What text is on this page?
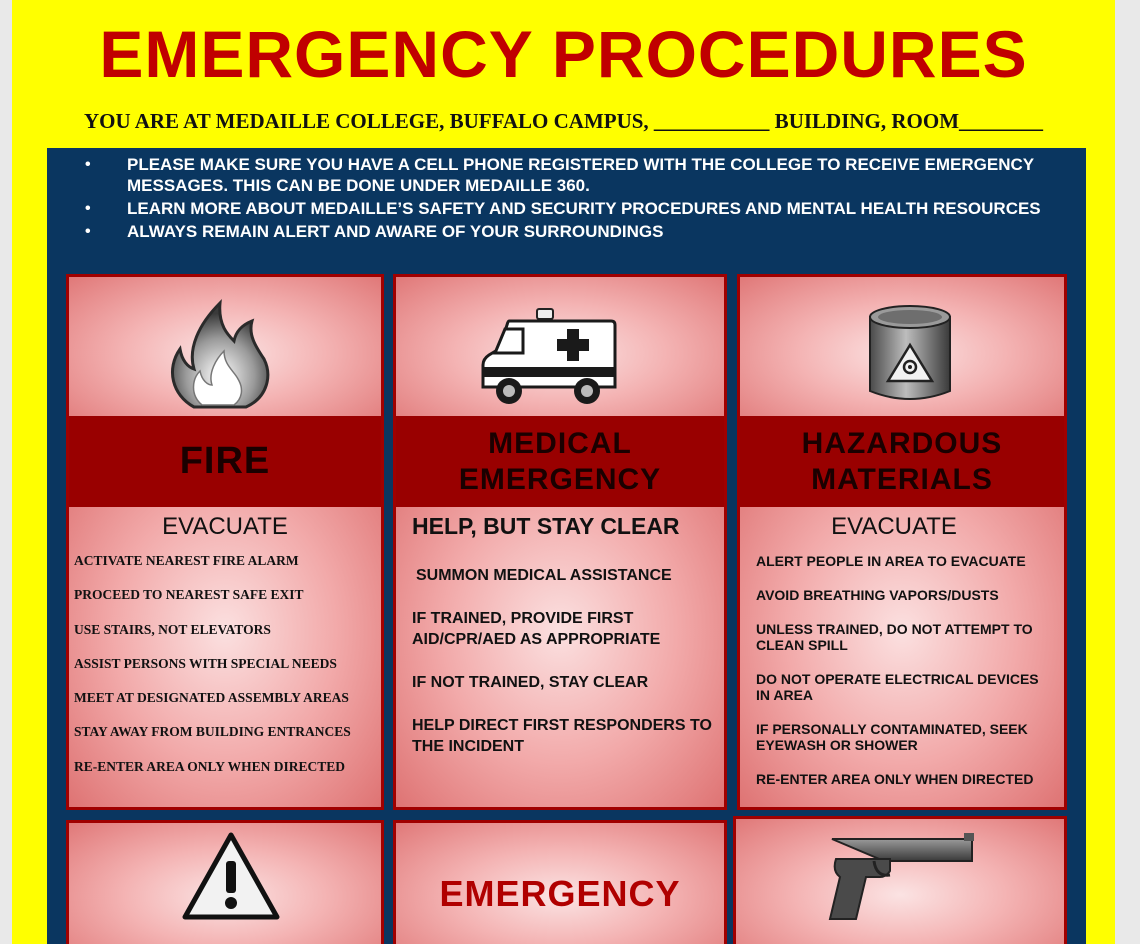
EMERGENCY PROCEDURES
YOU ARE AT MEDAILLE COLLEGE, BUFFALO CAMPUS, ___________ BUILDING, ROOM________
• PLEASE MAKE SURE YOU HAVE A CELL PHONE REGISTERED WITH THE COLLEGE TO RECEIVE EMERGENCY MESSAGES. THIS CAN BE DONE UNDER MEDAILLE 360.
• LEARN MORE ABOUT MEDAILLE’S SAFETY AND SECURITY PROCEDURES AND MENTAL HEALTH RESOURCES
• ALWAYS REMAIN ALERT AND AWARE OF YOUR SURROUNDINGS
FIRE
EVACUATE
ACTIVATE NEAREST FIRE ALARM
PROCEED TO NEAREST SAFE EXIT
USE STAIRS, NOT ELEVATORS
ASSIST PERSONS WITH SPECIAL NEEDS
MEET AT DESIGNATED ASSEMBLY AREAS
STAY AWAY FROM BUILDING ENTRANCES
RE-ENTER AREA ONLY WHEN DIRECTED
MEDICAL
EMERGENCY
HELP, BUT STAY CLEAR
SUMMON MEDICAL ASSISTANCE
IF TRAINED, PROVIDE FIRST AID/CPR/AED AS APPROPRIATE
IF NOT TRAINED, STAY CLEAR
HELP DIRECT FIRST RESPONDERS TO THE INCIDENT
HAZARDOUS
MATERIALS
EVACUATE
ALERT PEOPLE IN AREA TO EVACUATE
AVOID BREATHING VAPORS/DUSTS
UNLESS TRAINED, DO NOT ATTEMPT TO CLEAN SPILL
DO NOT OPERATE ELECTRICAL DEVICES IN AREA
IF PERSONALLY CONTAMINATED, SEEK EYEWASH OR SHOWER
RE-ENTER AREA ONLY WHEN DIRECTED
EMERGENCY
